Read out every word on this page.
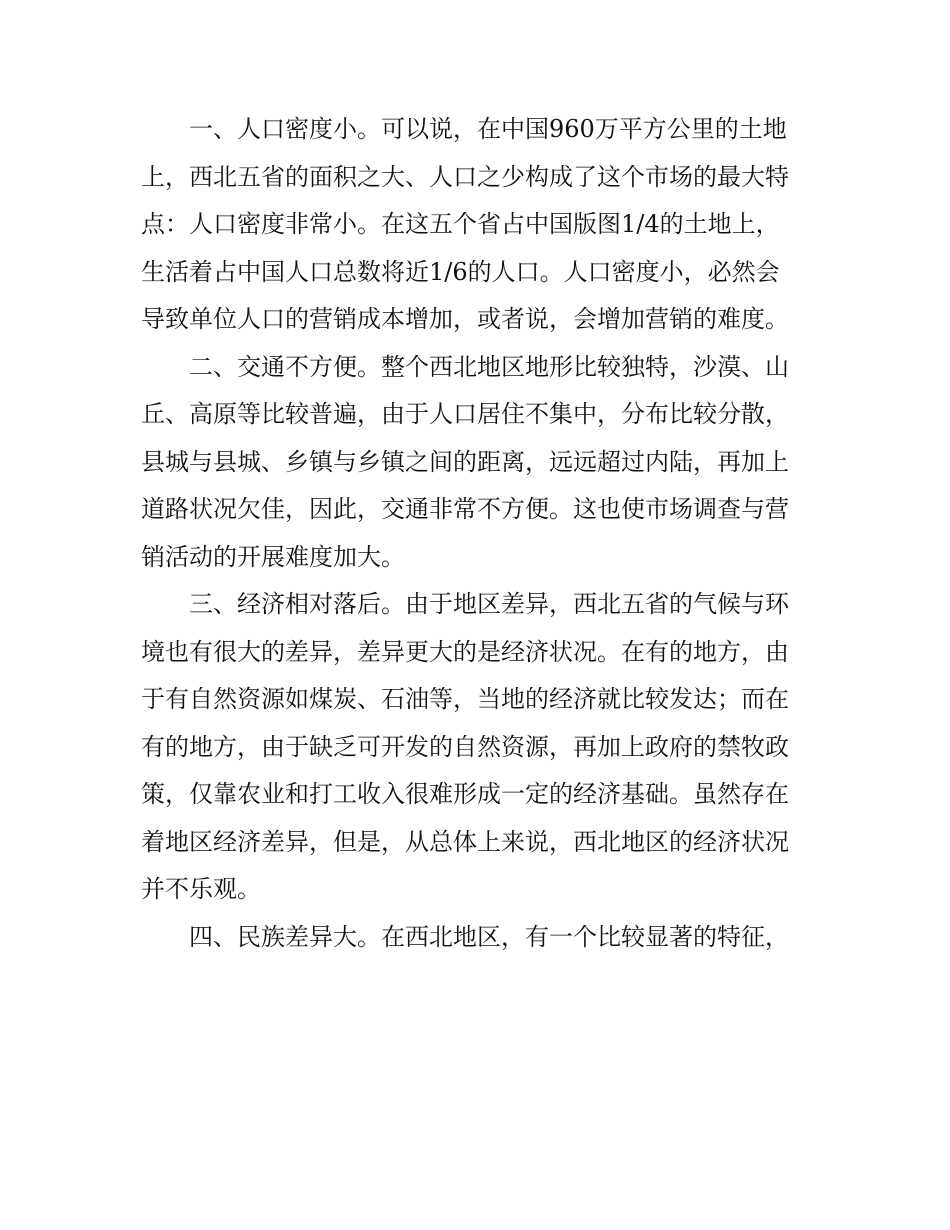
一、人口密度小。可以说，在中国960万平方公里的土地
上，西北五省的面积之大、人口之少构成了这个市场的最大特
点：人口密度非常小。在这五个省占中国版图1/4的土地上，
生活着占中国人口总数将近1/6的人口。人口密度小，必然会
导致单位人口的营销成本增加，或者说，会增加营销的难度。
二、交通不方便。整个西北地区地形比较独特，沙漠、山
丘、高原等比较普遍，由于人口居住不集中，分布比较分散，
县城与县城、乡镇与乡镇之间的距离，远远超过内陆，再加上
道路状况欠佳，因此，交通非常不方便。这也使市场调查与营
销活动的开展难度加大。
三、经济相对落后。由于地区差异，西北五省的气候与环
境也有很大的差异，差异更大的是经济状况。在有的地方，由
于有自然资源如煤炭、石油等，当地的经济就比较发达；而在
有的地方，由于缺乏可开发的自然资源，再加上政府的禁牧政
策，仅靠农业和打工收入很难形成一定的经济基础。虽然存在
着地区经济差异，但是，从总体上来说，西北地区的经济状况
并不乐观。
四、民族差异大。在西北地区，有一个比较显著的特征，
